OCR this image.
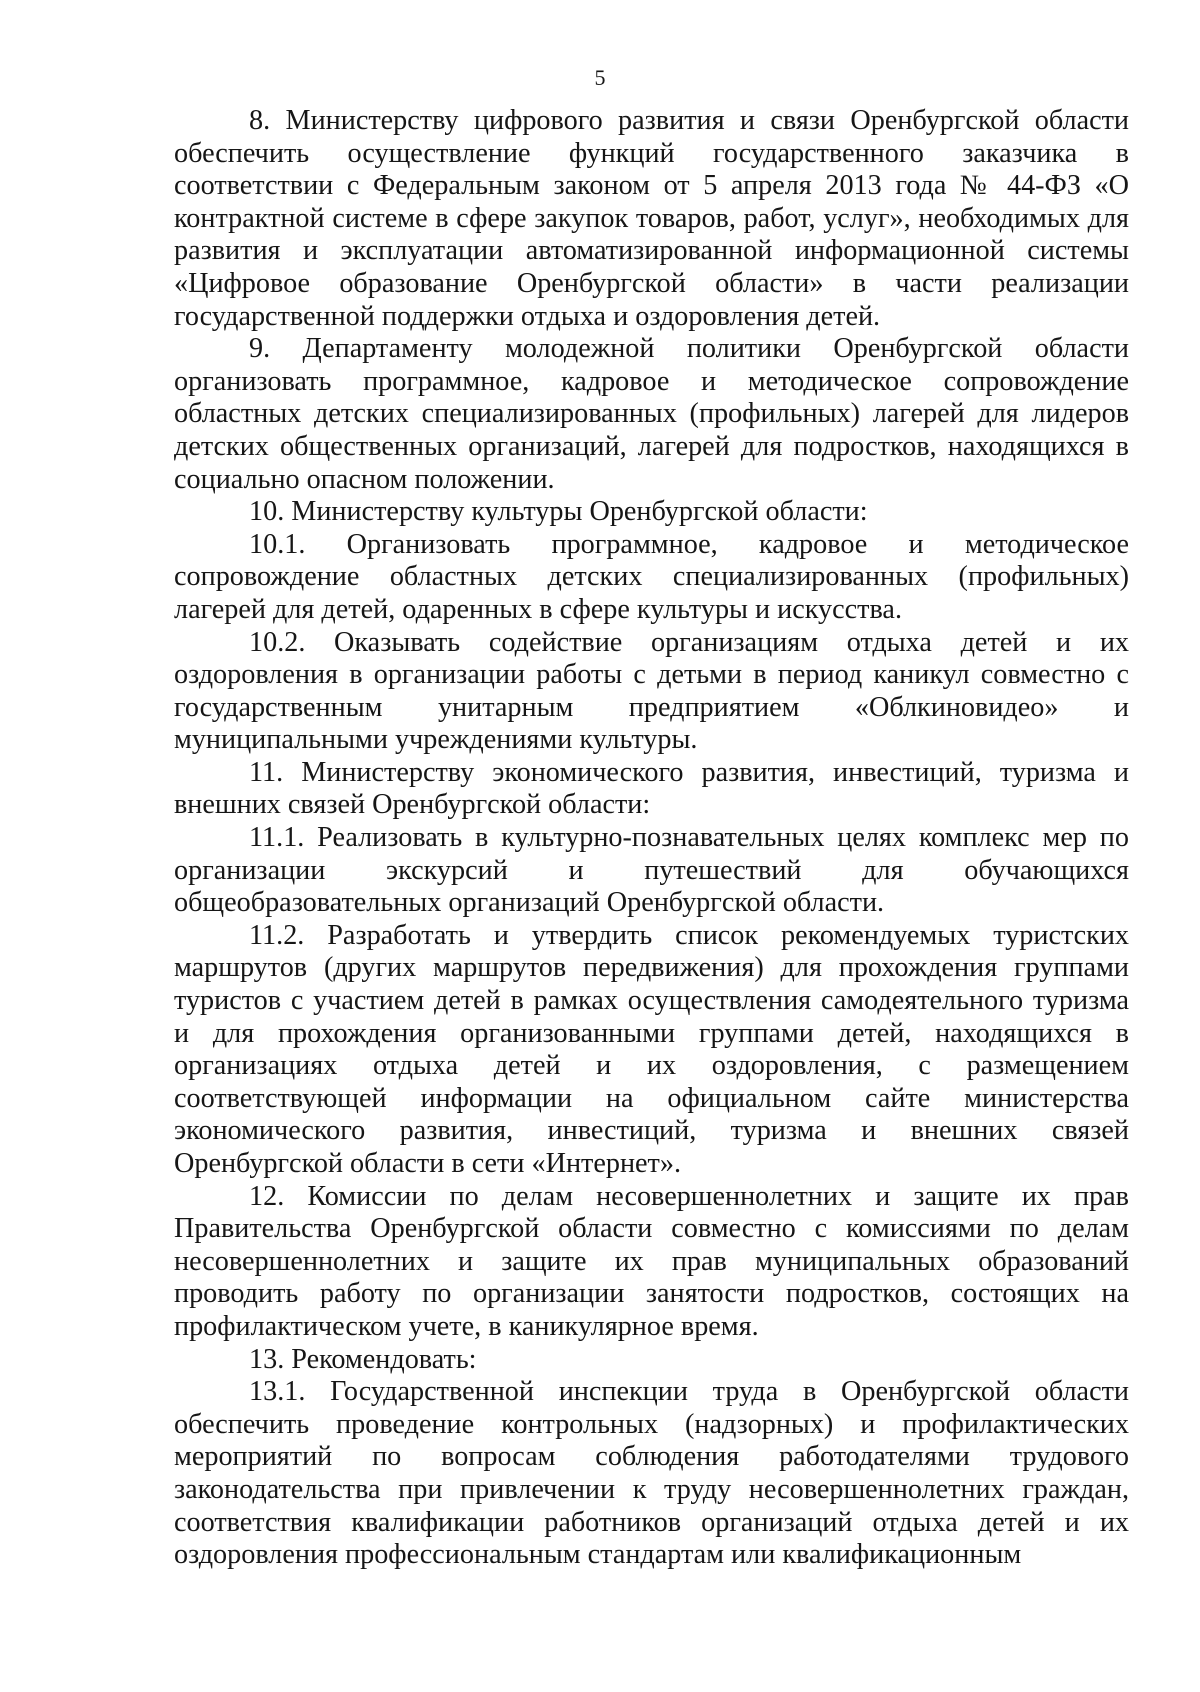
5

8. Министерству цифрового развития и связи Оренбургской области обеспечить осуществление функций государственного заказчика в соответствии с Федеральным законом от 5 апреля 2013 года № 44-ФЗ «О контрактной системе в сфере закупок товаров, работ, услуг», необходимых для развития и эксплуатации автоматизированной информационной системы «Цифровое образование Оренбургской области» в части реализации государственной поддержки отдыха и оздоровления детей.

9. Департаменту молодежной политики Оренбургской области организовать программное, кадровое и методическое сопровождение областных детских специализированных (профильных) лагерей для лидеров детских общественных организаций, лагерей для подростков, находящихся в социально опасном положении.

10. Министерству культуры Оренбургской области:

10.1. Организовать программное, кадровое и методическое сопровождение областных детских специализированных (профильных) лагерей для детей, одаренных в сфере культуры и искусства.

10.2. Оказывать содействие организациям отдыха детей и их оздоровления в организации работы с детьми в период каникул совместно с государственным унитарным предприятием «Облкиновидео» и муниципальными учреждениями культуры.

11. Министерству экономического развития, инвестиций, туризма и внешних связей Оренбургской области:

11.1. Реализовать в культурно-познавательных целях комплекс мер по организации экскурсий и путешествий для обучающихся общеобразовательных организаций Оренбургской области.

11.2. Разработать и утвердить список рекомендуемых туристских маршрутов (других маршрутов передвижения) для прохождения группами туристов с участием детей в рамках осуществления самодеятельного туризма и для прохождения организованными группами детей, находящихся в организациях отдыха детей и их оздоровления, с размещением соответствующей информации на официальном сайте министерства экономического развития, инвестиций, туризма и внешних связей Оренбургской области в сети «Интернет».

12. Комиссии по делам несовершеннолетних и защите их прав Правительства Оренбургской области совместно с комиссиями по делам несовершеннолетних и защите их прав муниципальных образований проводить работу по организации занятости подростков, состоящих на профилактическом учете, в каникулярное время.

13. Рекомендовать:

13.1. Государственной инспекции труда в Оренбургской области обеспечить проведение контрольных (надзорных) и профилактических мероприятий по вопросам соблюдения работодателями трудового законодательства при привлечении к труду несовершеннолетних граждан, соответствия квалификации работников организаций отдыха детей и их оздоровления профессиональным стандартам или квалификационным
